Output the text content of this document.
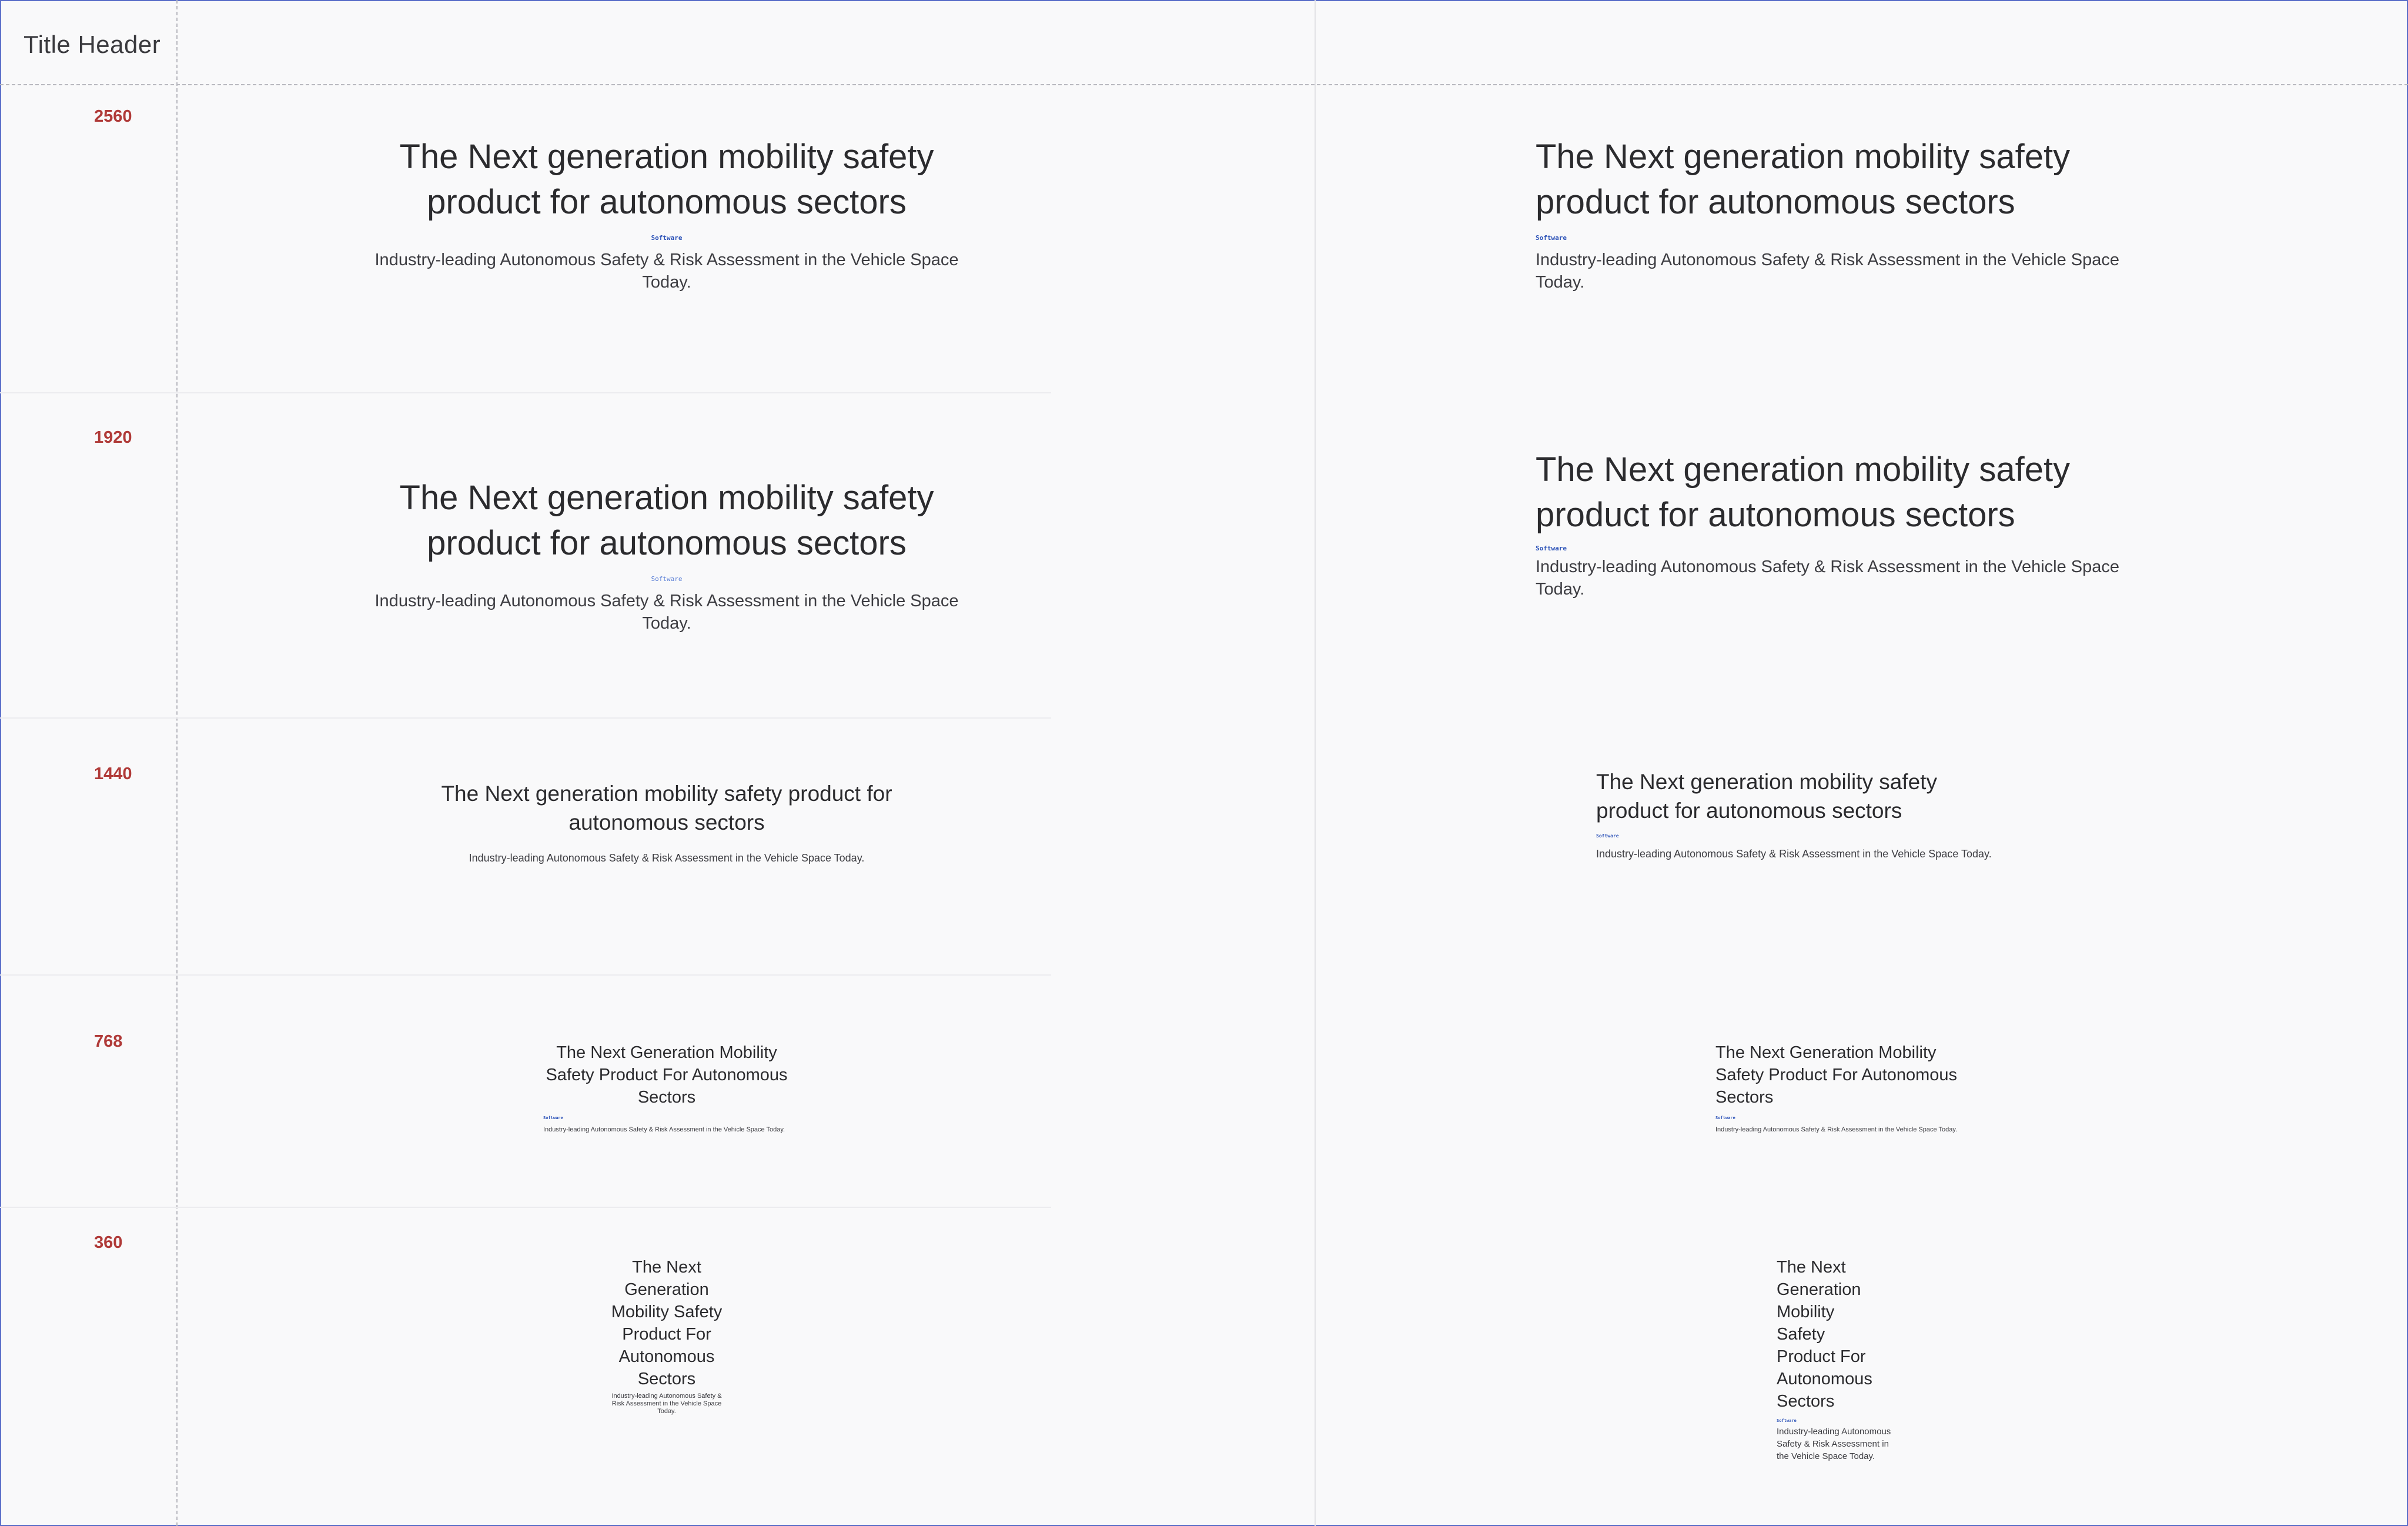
Title Header
2560
1920
1440
768
360

The Next generation mobility safety product for autonomous sectors

Software

Industry-leading Autonomous Safety & Risk Assessment in the Vehicle Space Today.

The Next generation mobility safety product for autonomous sectors

Software

Industry-leading Autonomous Safety & Risk Assessment in the Vehicle Space Today.

The Next generation mobility safety product for autonomous sectors

Software

Industry-leading Autonomous Safety & Risk Assessment in the Vehicle Space Today.

The Next generation mobility safety product for autonomous sectors

Software

Industry-leading Autonomous Safety & Risk Assessment in the Vehicle Space Today.

The Next generation mobility safety product for autonomous sectors

Industry-leading Autonomous Safety & Risk Assessment in the Vehicle Space Today.

The Next generation mobility safety product for autonomous sectors

Software

Industry-leading Autonomous Safety & Risk Assessment in the Vehicle Space Today.

The Next Generation Mobility Safety Product For Autonomous Sectors

Software

Industry-leading Autonomous Safety & Risk Assessment in the Vehicle Space Today.

The Next Generation Mobility Safety Product For Autonomous Sectors

Software

Industry-leading Autonomous Safety & Risk Assessment in the Vehicle Space Today.

The Next Generation Mobility Safety Product For Autonomous Sectors

Industry-leading Autonomous Safety & Risk Assessment in the Vehicle Space Today.

The Next Generation Mobility Safety Product For Autonomous Sectors

Software

Industry-leading Autonomous Safety & Risk Assessment in the Vehicle Space Today.
